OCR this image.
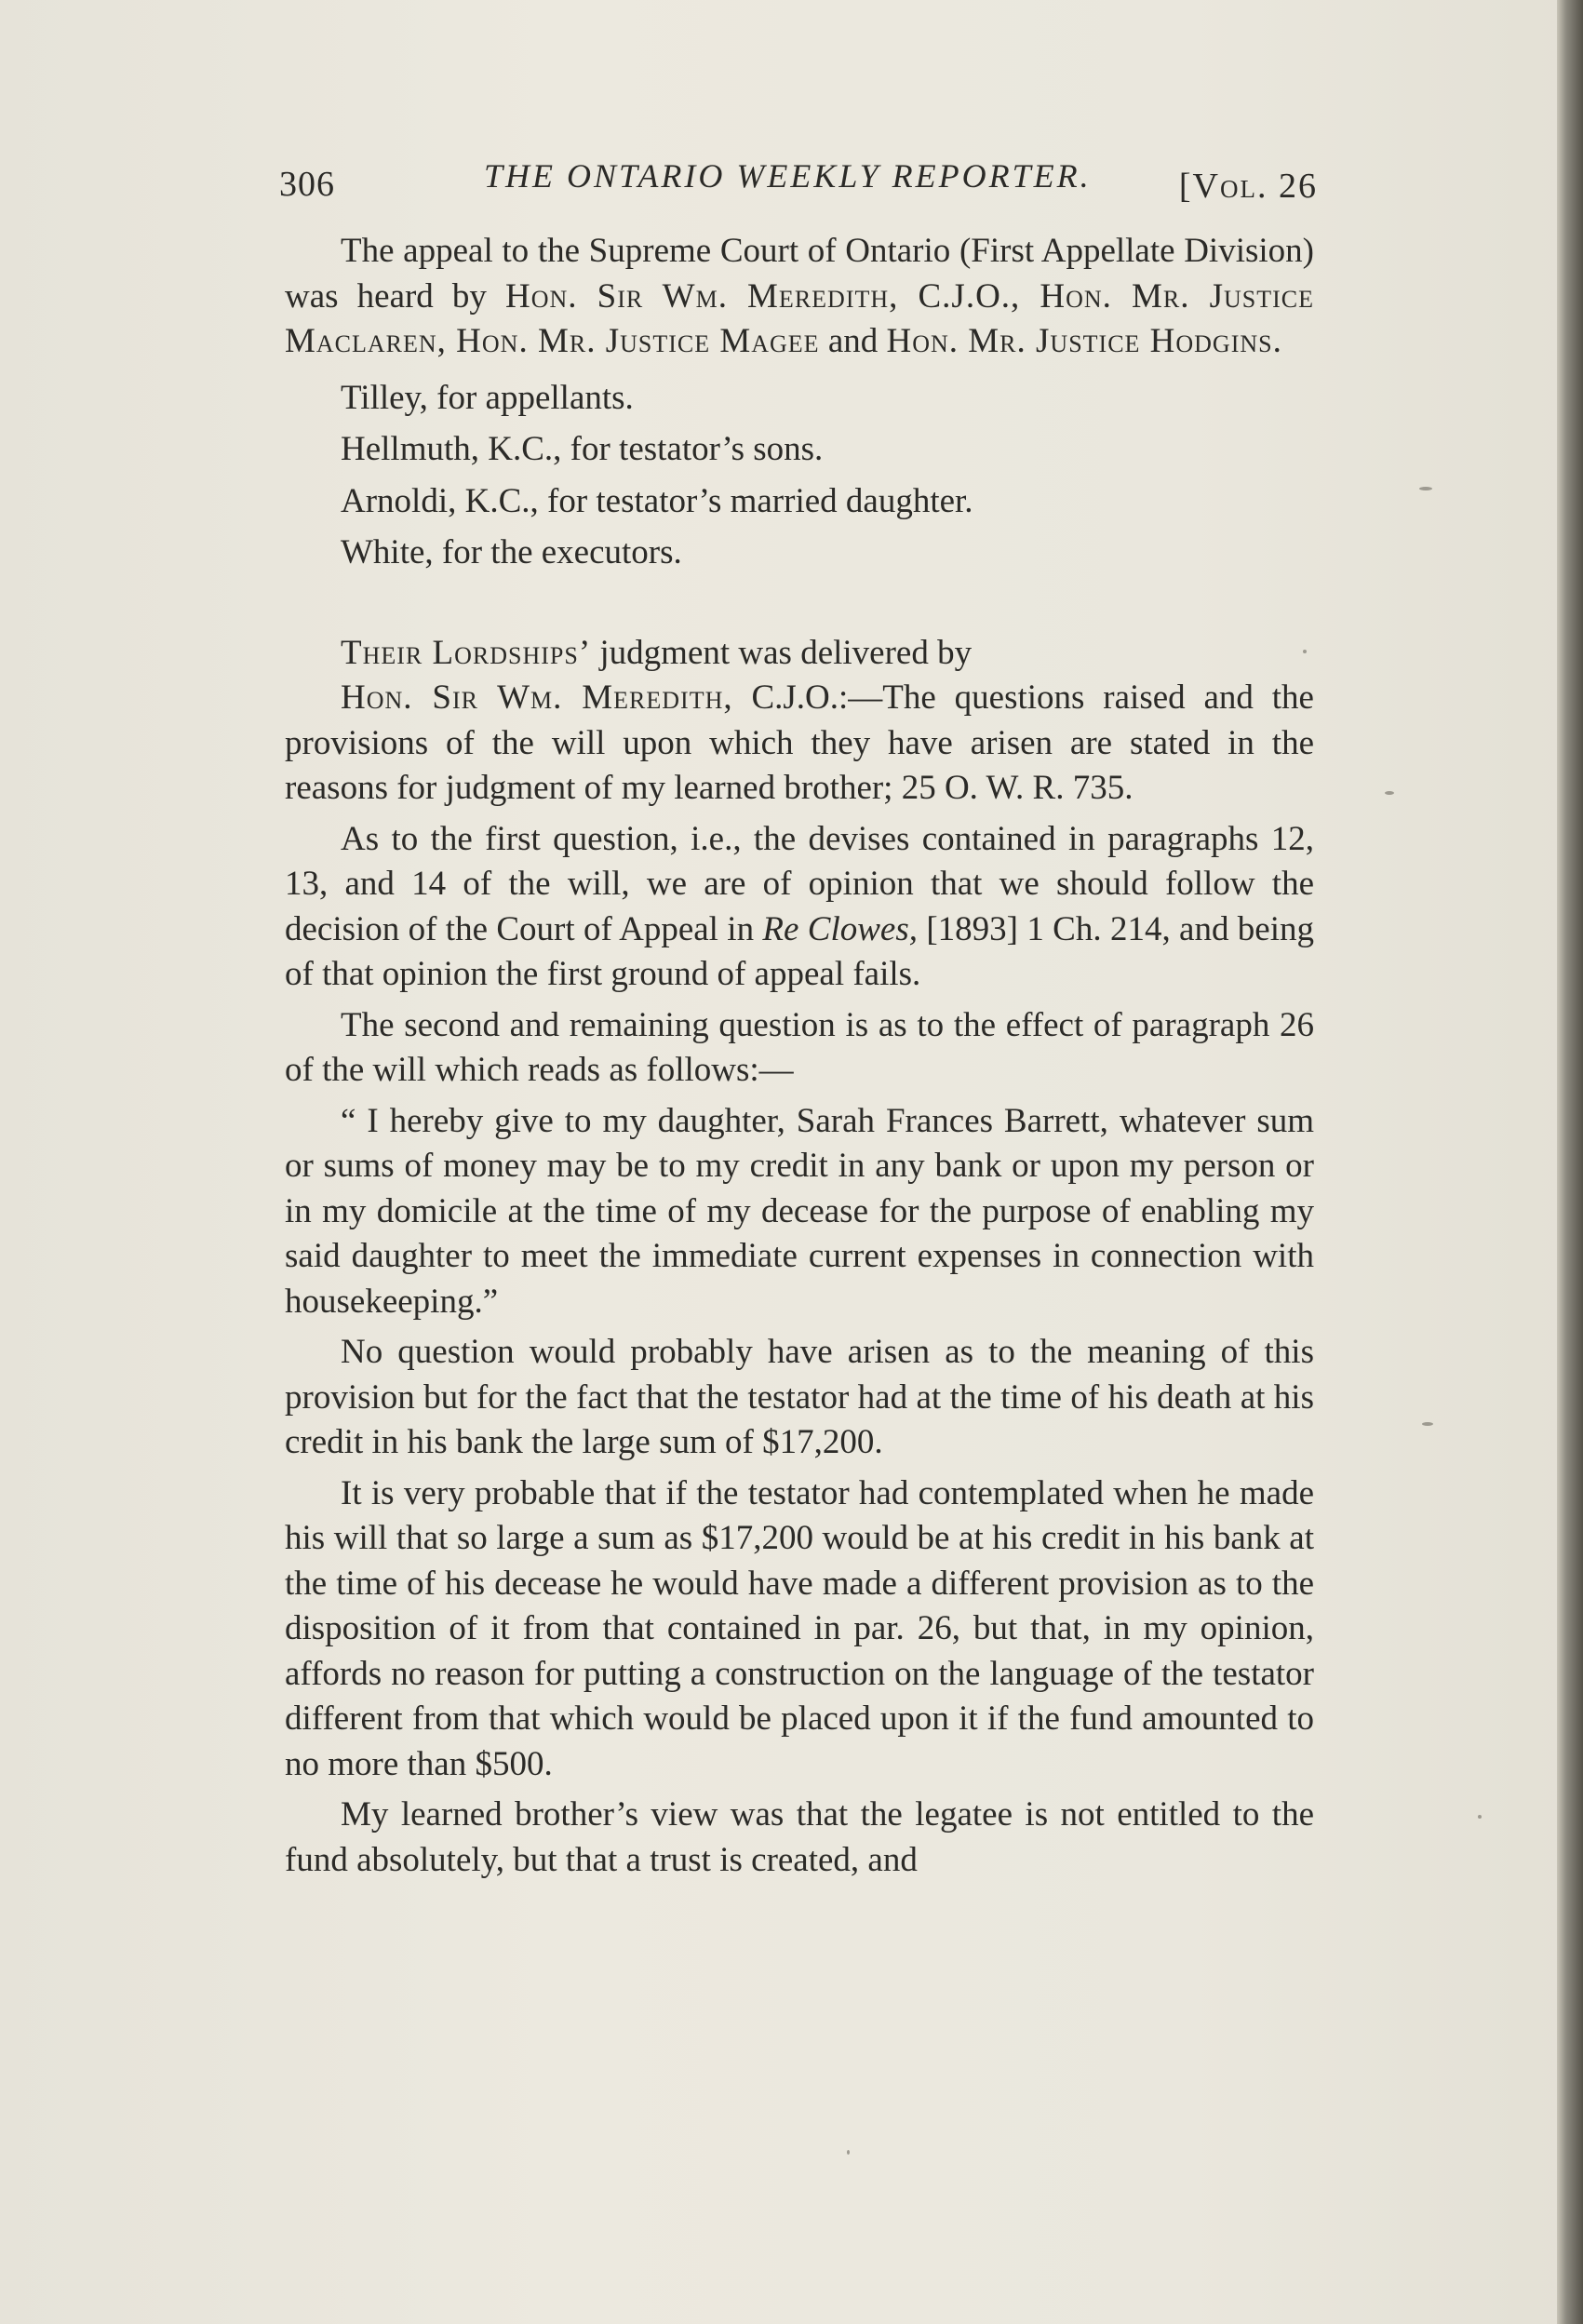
306	THE ONTARIO WEEKLY REPORTER. [Vol. 26

The appeal to the Supreme Court of Ontario (First Appellate Division) was heard by Hon. Sir Wm. Meredith, C.J.O., Hon. Mr. Justice Maclaren, Hon. Mr. Justice Magee and Hon. Mr. Justice Hodgins.

Tilley, for appellants.

Hellmuth, K.C., for testator’s sons.

Arnoldi, K.C., for testator’s married daughter.

White, for the executors.

Their Lordships’ judgment was delivered by

Hon. Sir Wm. Meredith, C.J.O.:—The questions raised and the provisions of the will upon which they have arisen are stated in the reasons for judgment of my learned brother; 25 O. W. R. 735.

As to the first question, i.e., the devises contained in paragraphs 12, 13, and 14 of the will, we are of opinion that we should follow the decision of the Court of Appeal in Re Clowes, [1893] 1 Ch. 214, and being of that opinion the first ground of appeal fails.

The second and remaining question is as to the effect of paragraph 26 of the will which reads as follows:—

“ I hereby give to my daughter, Sarah Frances Barrett, whatever sum or sums of money may be to my credit in any bank or upon my person or in my domicile at the time of my decease for the purpose of enabling my said daughter to meet the immediate current expenses in connection with housekeeping.”

No question would probably have arisen as to the meaning of this provision but for the fact that the testator had at the time of his death at his credit in his bank the large sum of $17,200.

It is very probable that if the testator had contemplated when he made his will that so large a sum as $17,200 would be at his credit in his bank at the time of his decease he would have made a different provision as to the disposition of it from that contained in par. 26, but that, in my opinion, affords no reason for putting a construction on the language of the testator different from that which would be placed upon it if the fund amounted to no more than $500.

My learned brother’s view was that the legatee is not entitled to the fund absolutely, but that a trust is created, and
